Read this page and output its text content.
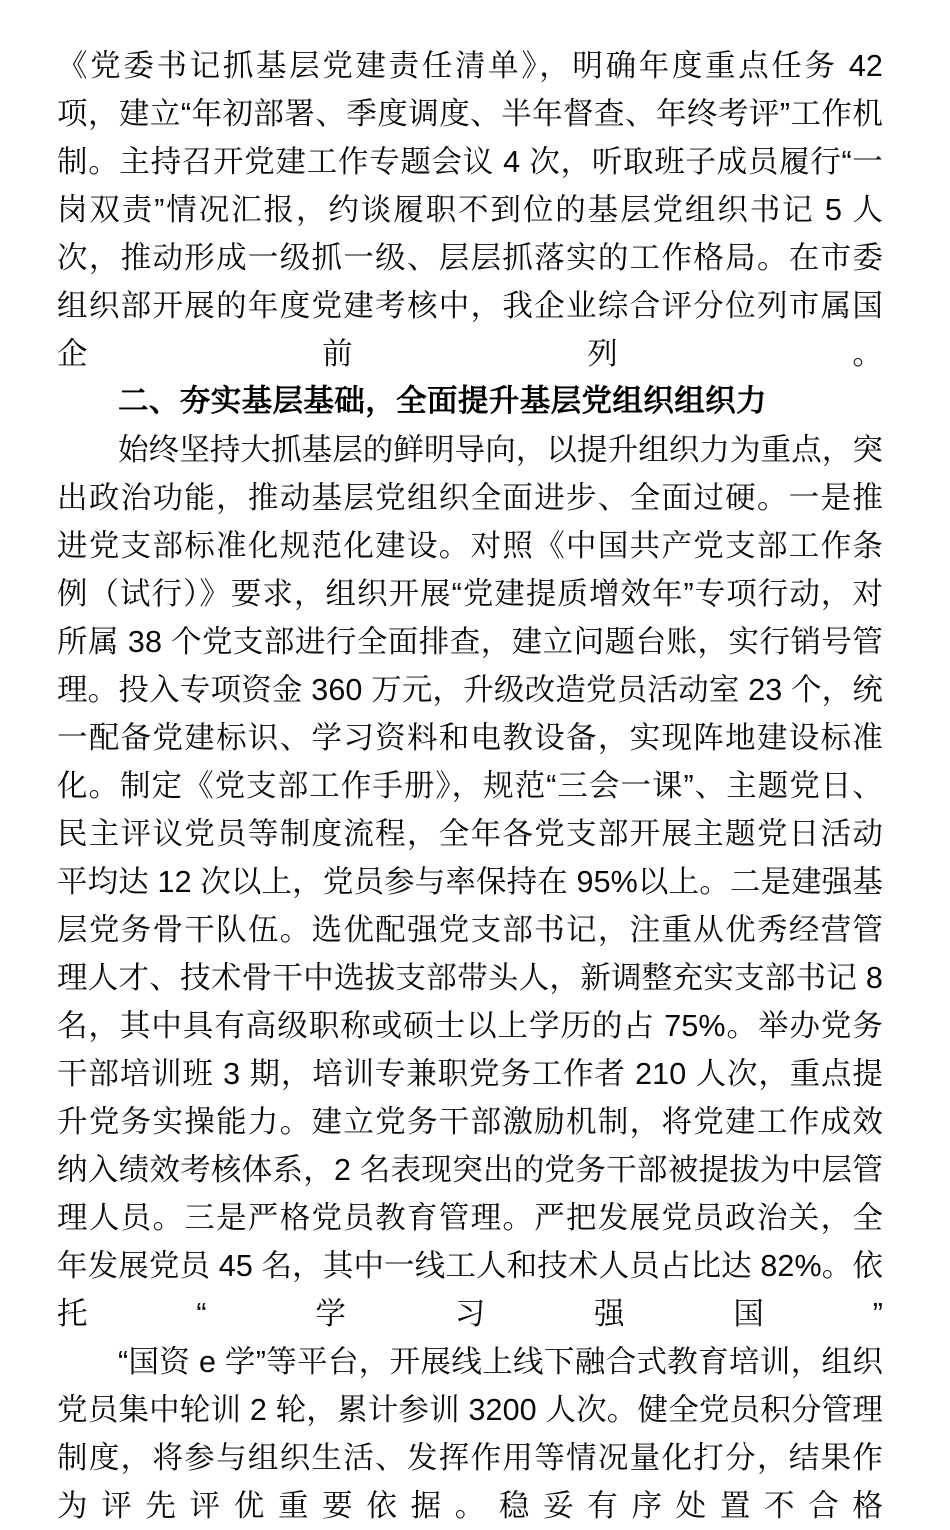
《党委书记抓基层党建责任清单》，明确年度重点任务 42 项，建立“年初部署、季度调度、半年督查、年终考评”工作机制。主持召开党建工作专题会议 4 次，听取班子成员履行“一岗双责”情况汇报，约谈履职不到位的基层党组织书记 5 人次，推动形成一级抓一级、层层抓落实的工作格局。在市委组织部开展的年度党建考核中，我企业综合评分位列市属国企前列。

二、夯实基层基础，全面提升基层党组织组织力

始终坚持大抓基层的鲜明导向，以提升组织力为重点，突出政治功能，推动基层党组织全面进步、全面过硬。一是推进党支部标准化规范化建设。对照《中国共产党支部工作条例（试行）》要求，组织开展“党建提质增效年”专项行动，对所属 38 个党支部进行全面排查，建立问题台账，实行销号管理。投入专项资金 360 万元，升级改造党员活动室 23 个，统一配备党建标识、学习资料和电教设备，实现阵地建设标准化。制定《党支部工作手册》，规范“三会一课”、主题党日、民主评议党员等制度流程，全年各党支部开展主题党日活动平均达 12 次以上，党员参与率保持在 95%以上。二是建强基层党务骨干队伍。选优配强党支部书记，注重从优秀经营管理人才、技术骨干中选拔支部带头人，新调整充实支部书记 8 名，其中具有高级职称或硕士以上学历的占 75%。举办党务干部培训班 3 期，培训专兼职党务工作者 210 人次，重点提升党务实操能力。建立党务干部激励机制，将党建工作成效纳入绩效考核体系，2 名表现突出的党务干部被提拔为中层管理人员。三是严格党员教育管理。严把发展党员政治关，全年发展党员 45 名，其中一线工人和技术人员占比达 82%。依托“学习强国”

“国资 e 学”等平台，开展线上线下融合式教育培训，组织党员集中轮训 2 轮，累计参训 3200 人次。健全党员积分管理制度，将参与组织生活、发挥作用等情况量化打分，结果作为评先评优重要依据。稳妥有序处置不合格
